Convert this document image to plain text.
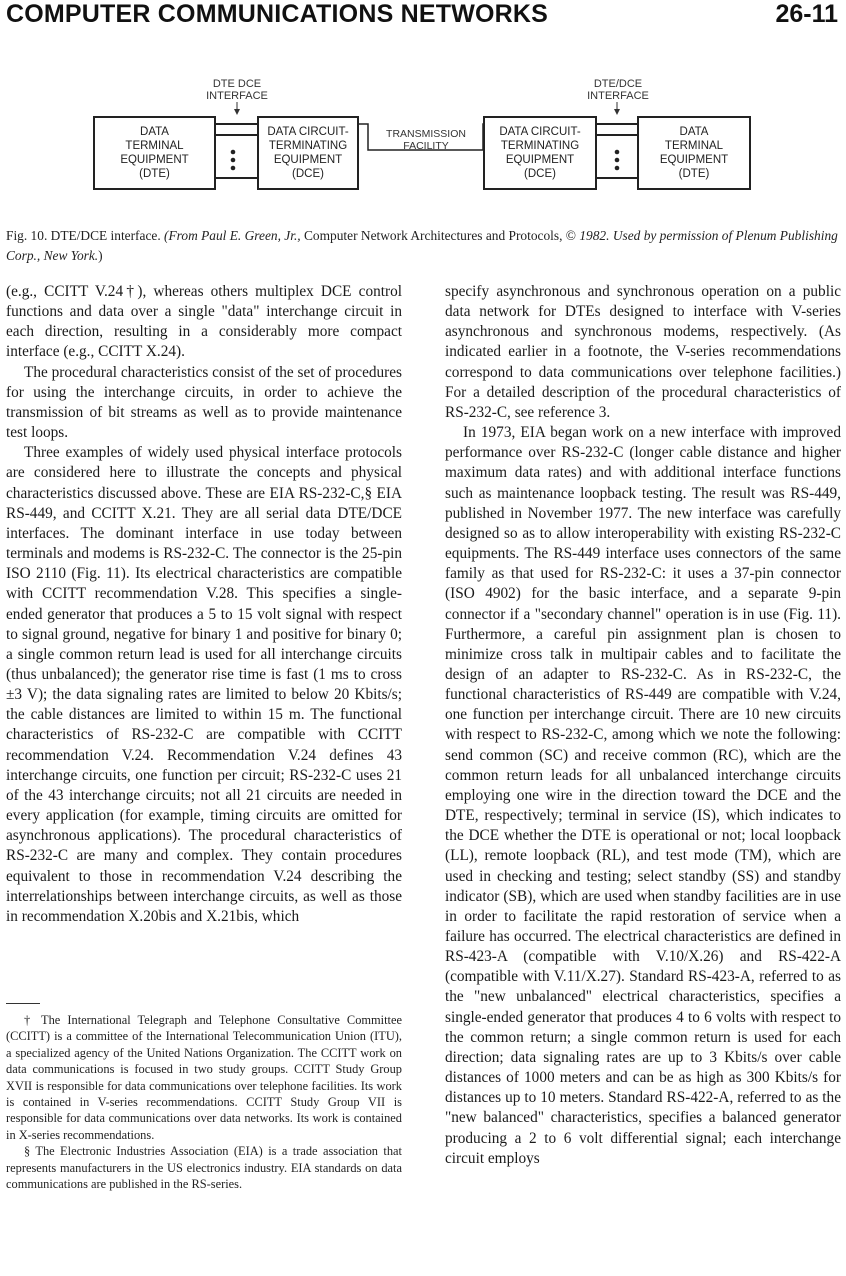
COMPUTER COMMUNICATIONS NETWORKS	26-11
DTE DCE INTERFACE
DTE/DCE INTERFACE
DATA
TERMINAL
EQUIPMENT
(DTE)
DATA CIRCUIT-
TERMINATING
EQUIPMENT
(DCE)
TRANSMISSION
FACILITY
DATA CIRCUIT-
TERMINATING
EQUIPMENT
(DCE)
DATA
TERMINAL
EQUIPMENT
(DTE)
Fig. 10. DTE/DCE interface. (From Paul E. Green, Jr., Computer Network Architectures and Protocols, © 1982. Used by permission of Plenum Publishing Corp., New York.)

(e.g., CCITT V.24†), whereas others multiplex DCE control functions and data over a single "data" interchange circuit in each direction, resulting in a considerably more compact interface (e.g., CCITT X.24).

The procedural characteristics consist of the set of procedures for using the interchange circuits, in order to achieve the transmission of bit streams as well as to provide maintenance test loops.

Three examples of widely used physical interface protocols are considered here to illustrate the concepts and physical characteristics discussed above. These are EIA RS-232-C,§ EIA RS-449, and CCITT X.21. They are all serial data DTE/DCE interfaces. The dominant interface in use today between terminals and modems is RS-232-C. The connector is the 25-pin ISO 2110 (Fig. 11). Its electrical characteristics are compatible with CCITT recommendation V.28. This specifies a single-ended generator that produces a 5 to 15 volt signal with respect to signal ground, negative for binary 1 and positive for binary 0; a single common return lead is used for all interchange circuits (thus unbalanced); the generator rise time is fast (1 ms to cross ±3 V); the data signaling rates are limited to below 20 Kbits/s; the cable distances are limited to within 15 m. The functional characteristics of RS-232-C are compatible with CCITT recommendation V.24. Recommendation V.24 defines 43 interchange circuits, one function per circuit; RS-232-C uses 21 of the 43 interchange circuits; not all 21 circuits are needed in every application (for example, timing circuits are omitted for asynchronous applications). The procedural characteristics of RS-232-C are many and complex. They contain procedures equivalent to those in recommendation V.24 describing the interrelationships between interchange circuits, as well as those in recommendation X.20bis and X.21bis, which

† The International Telegraph and Telephone Consultative Committee (CCITT) is a committee of the International Telecommunication Union (ITU), a specialized agency of the United Nations Organization. The CCITT work on data communications is focused in two study groups. CCITT Study Group XVII is responsible for data communications over telephone facilities. Its work is contained in V-series recommendations. CCITT Study Group VII is responsible for data communications over data networks. Its work is contained in X-series recommendations.

§ The Electronic Industries Association (EIA) is a trade association that represents manufacturers in the US electronics industry. EIA standards on data communications are published in the RS-series.

specify asynchronous and synchronous operation on a public data network for DTEs designed to interface with V-series asynchronous and synchronous modems, respectively. (As indicated earlier in a footnote, the V-series recommendations correspond to data communications over telephone facilities.) For a detailed description of the procedural characteristics of RS-232-C, see reference 3.

In 1973, EIA began work on a new interface with improved performance over RS-232-C (longer cable distance and higher maximum data rates) and with additional interface functions such as maintenance loopback testing. The result was RS-449, published in November 1977. The new interface was carefully designed so as to allow interoperability with existing RS-232-C equipments. The RS-449 interface uses connectors of the same family as that used for RS-232-C: it uses a 37-pin connector (ISO 4902) for the basic interface, and a separate 9-pin connector if a "secondary channel" operation is in use (Fig. 11). Furthermore, a careful pin assignment plan is chosen to minimize cross talk in multipair cables and to facilitate the design of an adapter to RS-232-C. As in RS-232-C, the functional characteristics of RS-449 are compatible with V.24, one function per interchange circuit. There are 10 new circuits with respect to RS-232-C, among which we note the following: send common (SC) and receive common (RC), which are the common return leads for all unbalanced interchange circuits employing one wire in the direction toward the DCE and the DTE, respectively; terminal in service (IS), which indicates to the DCE whether the DTE is operational or not; local loopback (LL), remote loopback (RL), and test mode (TM), which are used in checking and testing; select standby (SS) and standby indicator (SB), which are used when standby facilities are in use in order to facilitate the rapid restoration of service when a failure has occurred. The electrical characteristics are defined in RS-423-A (compatible with V.10/X.26) and RS-422-A (compatible with V.11/X.27). Standard RS-423-A, referred to as the "new unbalanced" electrical characteristics, specifies a single-ended generator that produces 4 to 6 volts with respect to the common return; a single common return is used for each direction; data signaling rates are up to 3 Kbits/s over cable distances of 1000 meters and can be as high as 300 Kbits/s for distances up to 10 meters. Standard RS-422-A, referred to as the "new balanced" characteristics, specifies a balanced generator producing a 2 to 6 volt differential signal; each interchange circuit employs
